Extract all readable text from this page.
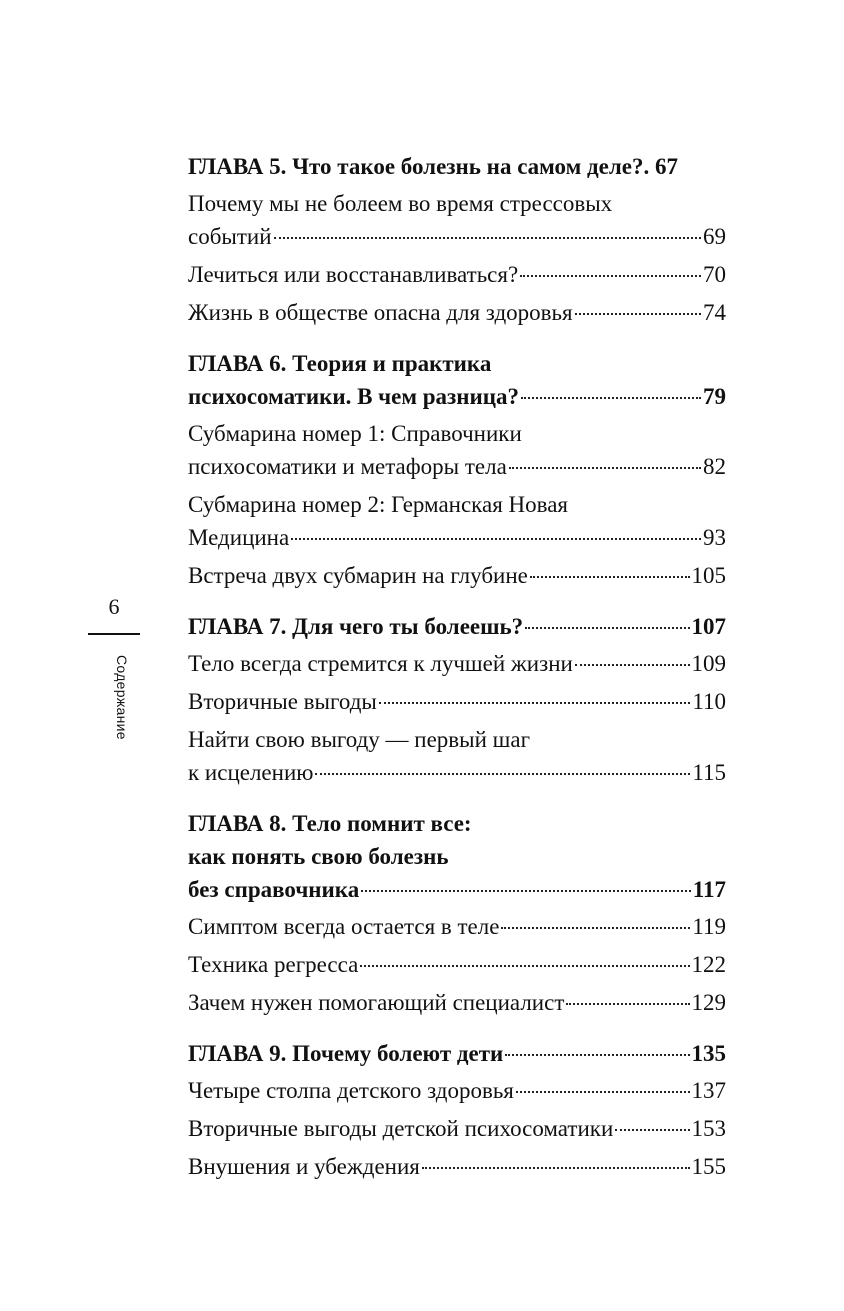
6
Содержание
ГЛАВА 5. Что такое болезнь на самом деле? . 67
Почему мы не болеем во время стрессовых
событий	69
Лечиться или восстанавливаться?	70
Жизнь в обществе опасна для здоровья	74
ГЛАВА 6. Теория и практика
психосоматики. В чем разница?	79
Субмарина номер 1: Справочники
психосоматики и метафоры тела	82
Субмарина номер 2: Германская Новая
Медицина	93
Встреча двух субмарин на глубине	105
ГЛАВА 7. Для чего ты болеешь?	107
Тело всегда стремится к лучшей жизни	109
Вторичные выгоды	110
Найти свою выгоду — первый шаг
к исцелению	115
ГЛАВА 8. Тело помнит все:
как понять свою болезнь
без справочника	117
Симптом всегда остается в теле	119
Техника регресса	122
Зачем нужен помогающий специалист	129
ГЛАВА 9. Почему болеют дети	135
Четыре столпа детского здоровья	137
Вторичные выгоды детской психосоматики	153
Внушения и убеждения	155
